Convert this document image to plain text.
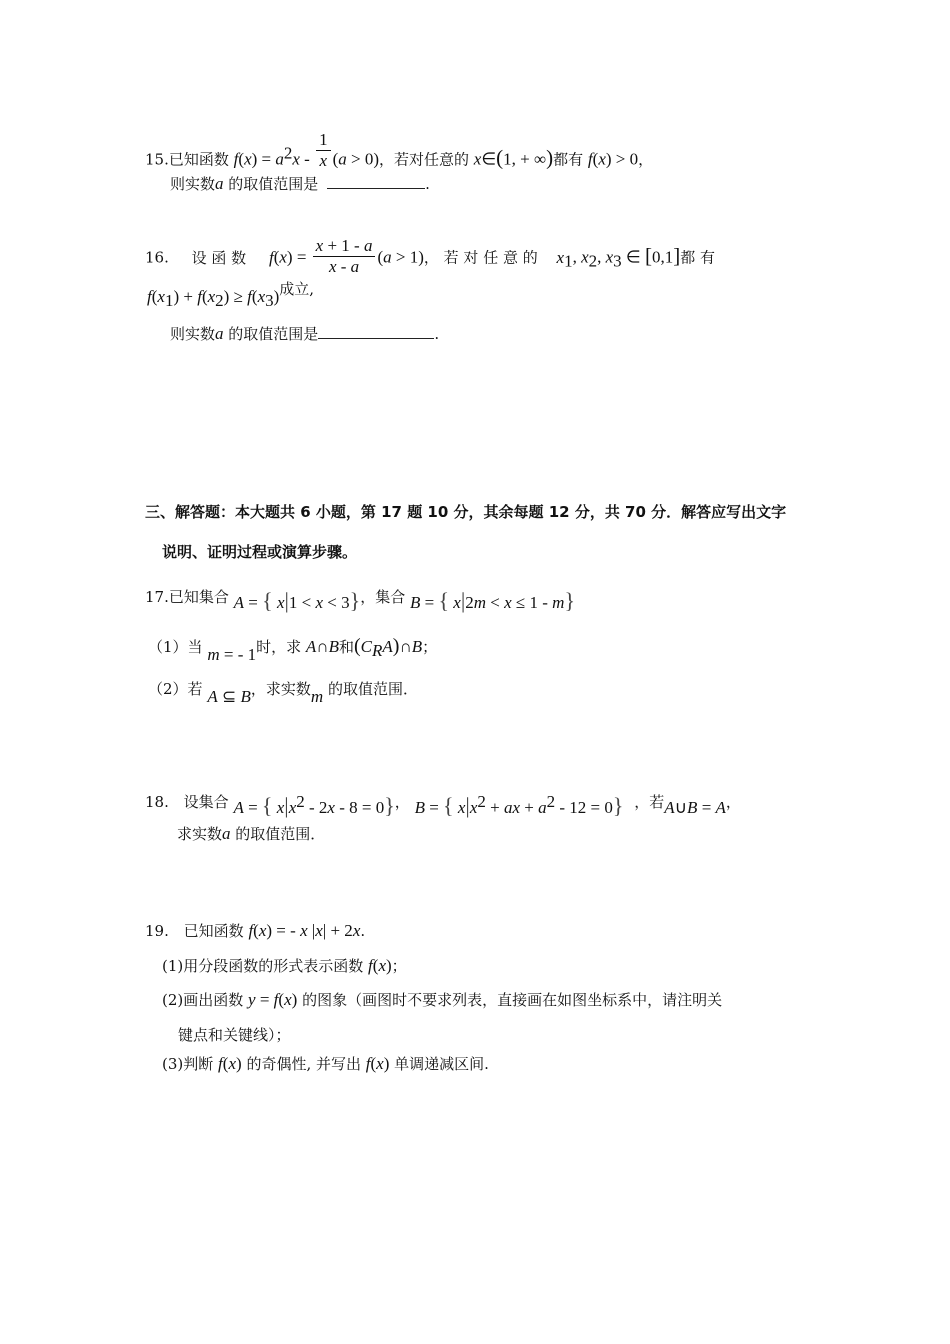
15.已知函数 $f(x) = a^2x - \frac{1}{x} (a > 0)$，若对任意的 x∈(1, + ∞)都有 f(x) > 0，
则实数a 的取值范围是	.
16. 设 函 数 $f(x) = \frac{x + 1 - a}{x - a} (a > 1)$， 若 对 任 意 的 $x_1$, $x_2$, $x_3$ ∈ [0,1]都 有
$f(x_1) + f(x_2) \ge f(x_3)$成立,
则实数a 的取值范围是	.
三、解答题：本大题共 6 小题，第 17 题 10 分，其余每题 12 分，共 70 分．解答应写出文字
说明、证明过程或演算步骤。
17.已知集合 A = { x|1 < x < 3}，集合 B = { x|2m < x ≤ 1 - m}
（1）当 m = - 1时，求 A∩B和$(C_RA)\cap B$；
（2）若 A ⊆ B，求实数m 的取值范围．
18. 设集合 A = { $x|x^2 - 2x - 8 = 0$}， B = { $x|x^2$ + ax + $a^2 - 12 = 0$} ，若A∪B = A，
求实数a 的取值范围．
19. 已知函数 f(x) = - x |x| + 2x.
(1)用分段函数的形式表示函数 f(x)；
(2)画出函数 y = f(x) 的图象（画图时不要求列表，直接画在如图坐标系中，请注明关
键点和关键线）；
(3)判断 f(x) 的奇偶性, 并写出 f(x) 单调递减区间.
